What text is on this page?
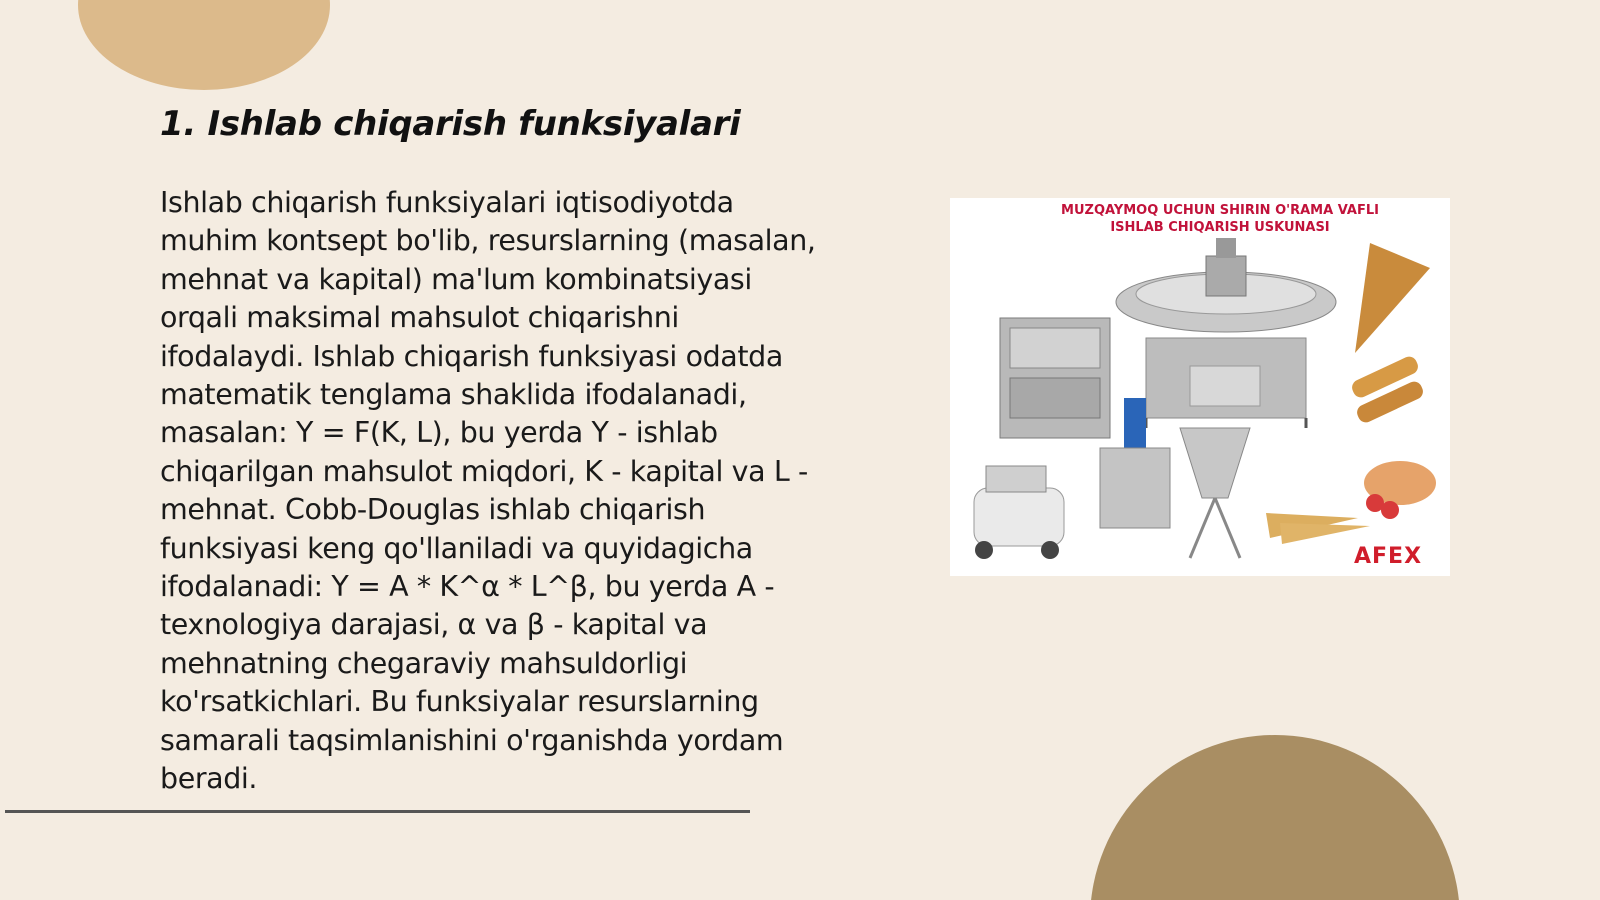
1. Ishlab chiqarish funksiyalari

Ishlab chiqarish funksiyalari iqtisodiyotda muhim kontsept bo'lib, resurslarning (masalan, mehnat va kapital) ma'lum kombinatsiyasi orqali maksimal mahsulot chiqarishni ifodalaydi. Ishlab chiqarish funksiyasi odatda matematik tenglama shaklida ifodalanadi, masalan: Y = F(K, L), bu yerda Y - ishlab chiqarilgan mahsulot miqdori, K - kapital va L - mehnat. Cobb-Douglas ishlab chiqarish funksiyasi keng qo'llaniladi va quyidagicha ifodalanadi: Y = A * K^α * L^β, bu yerda A - texnologiya darajasi, α va β - kapital va mehnatning chegaraviy mahsuldorligi ko'rsatkichlari. Bu funksiyalar resurslarning samarali taqsimlanishini o'rganishda yordam beradi.

MUZQAYMOQ UCHUN SHIRIN O'RAMA VAFLI
ISHLAB CHIQARISH USKUNASI
AFEX
